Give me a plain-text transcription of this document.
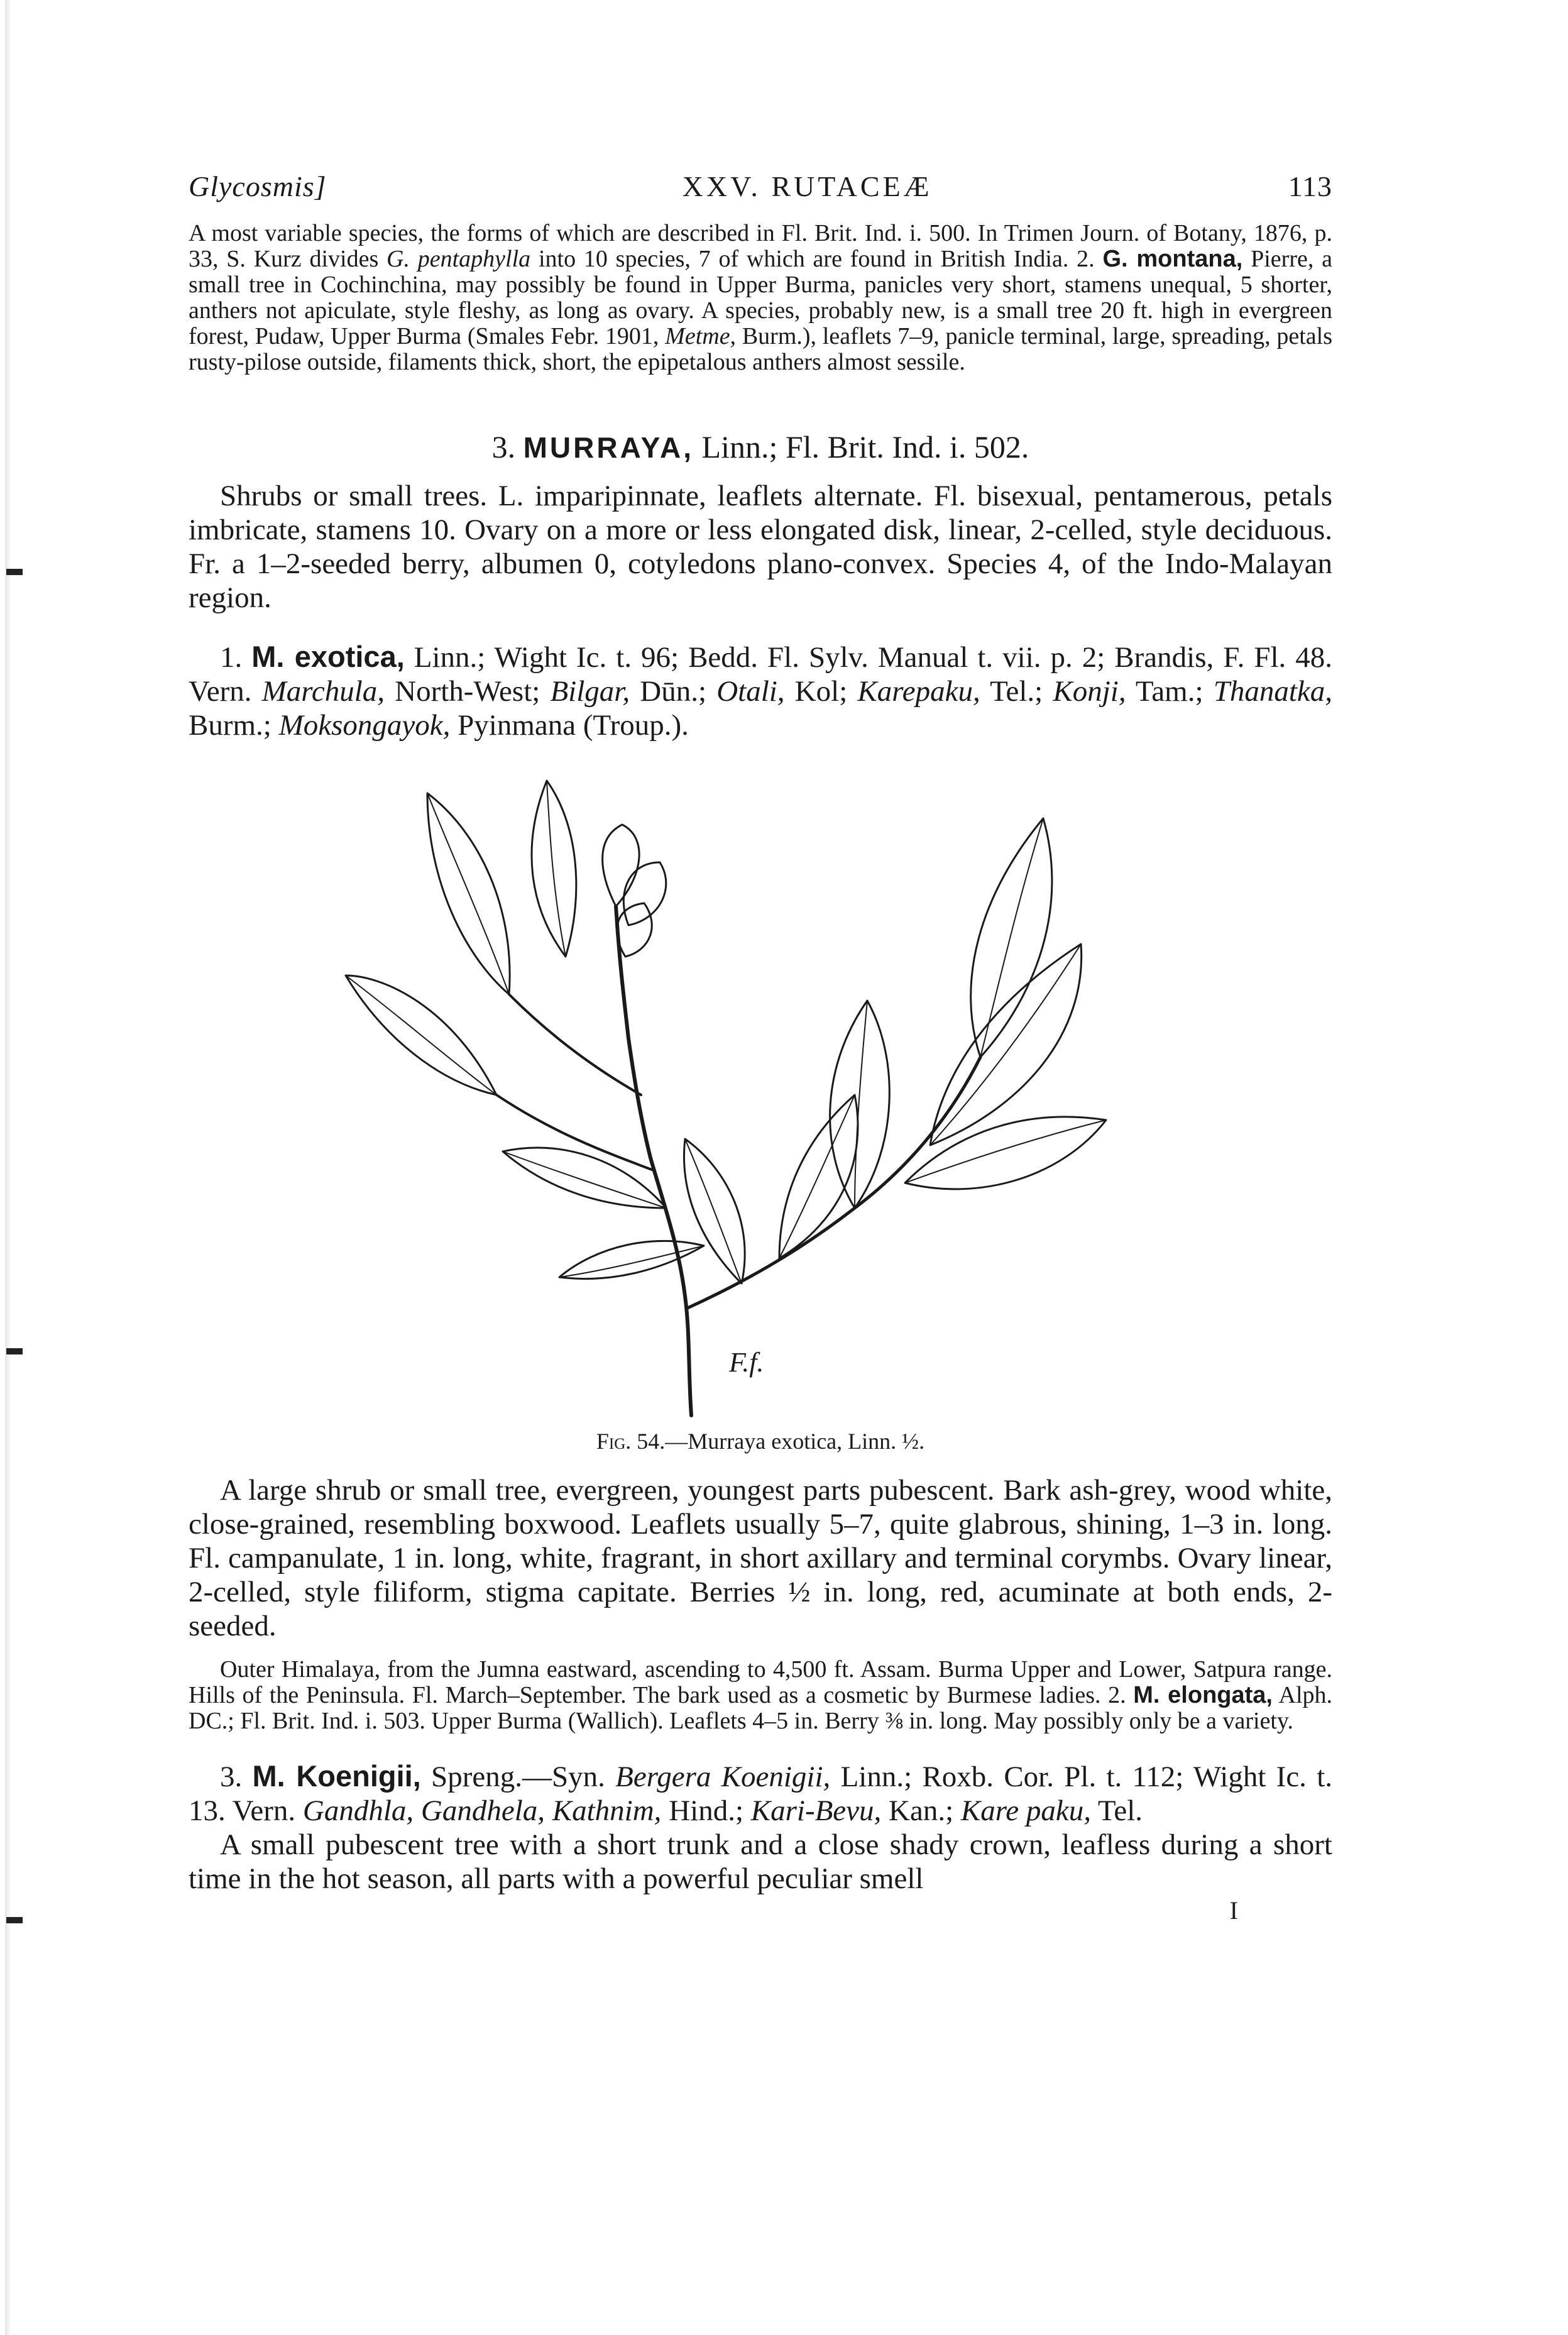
Glycosmis]	XXV. RUTACEÆ	113

A most variable species, the forms of which are described in Fl. Brit. Ind. i. 500. In Trimen Journ. of Botany, 1876, p. 33, S. Kurz divides G. pentaphylla into 10 species, 7 of which are found in British India. 2. G. montana, Pierre, a small tree in Cochinchina, may possibly be found in Upper Burma, panicles very short, stamens unequal, 5 shorter, anthers not apiculate, style fleshy, as long as ovary. A species, probably new, is a small tree 20 ft. high in evergreen forest, Pudaw, Upper Burma (Smales Febr. 1901, Metme, Burm.), leaflets 7–9, panicle terminal, large, spreading, petals rusty-pilose outside, filaments thick, short, the epipetalous anthers almost sessile.

3. MURRAYA, Linn.; Fl. Brit. Ind. i. 502.

Shrubs or small trees. L. imparipinnate, leaflets alternate. Fl. bisexual, pentamerous, petals imbricate, stamens 10. Ovary on a more or less elongated disk, linear, 2-celled, style deciduous. Fr. a 1–2-seeded berry, albumen 0, cotyledons plano-convex. Species 4, of the Indo-Malayan region.

1. M. exotica, Linn.; Wight Ic. t. 96; Bedd. Fl. Sylv. Manual t. vii. p. 2; Brandis, F. Fl. 48. Vern. Marchula, North-West; Bilgar, Dūn.; Otali, Kol; Karepaku, Tel.; Konji, Tam.; Thanatka, Burm.; Moksongayok, Pyinmana (Troup.).

F.f.

Fig. 54.—Murraya exotica, Linn. ½.

A large shrub or small tree, evergreen, youngest parts pubescent. Bark ash-grey, wood white, close-grained, resembling boxwood. Leaflets usually 5–7, quite glabrous, shining, 1–3 in. long. Fl. campanulate, 1 in. long, white, fragrant, in short axillary and terminal corymbs. Ovary linear, 2-celled, style filiform, stigma capitate. Berries ½ in. long, red, acuminate at both ends, 2-seeded.

Outer Himalaya, from the Jumna eastward, ascending to 4,500 ft. Assam. Burma Upper and Lower, Satpura range. Hills of the Peninsula. Fl. March–September. The bark used as a cosmetic by Burmese ladies. 2. M. elongata, Alph. DC.; Fl. Brit. Ind. i. 503. Upper Burma (Wallich). Leaflets 4–5 in. Berry ⅜ in. long. May possibly only be a variety.

3. M. Koenigii, Spreng.—Syn. Bergera Koenigii, Linn.; Roxb. Cor. Pl. t. 112; Wight Ic. t. 13. Vern. Gandhla, Gandhela, Kathnim, Hind.; Kari-Bevu, Kan.; Kare paku, Tel.

A small pubescent tree with a short trunk and a close shady crown, leafless during a short time in the hot season, all parts with a powerful peculiar smell

I
